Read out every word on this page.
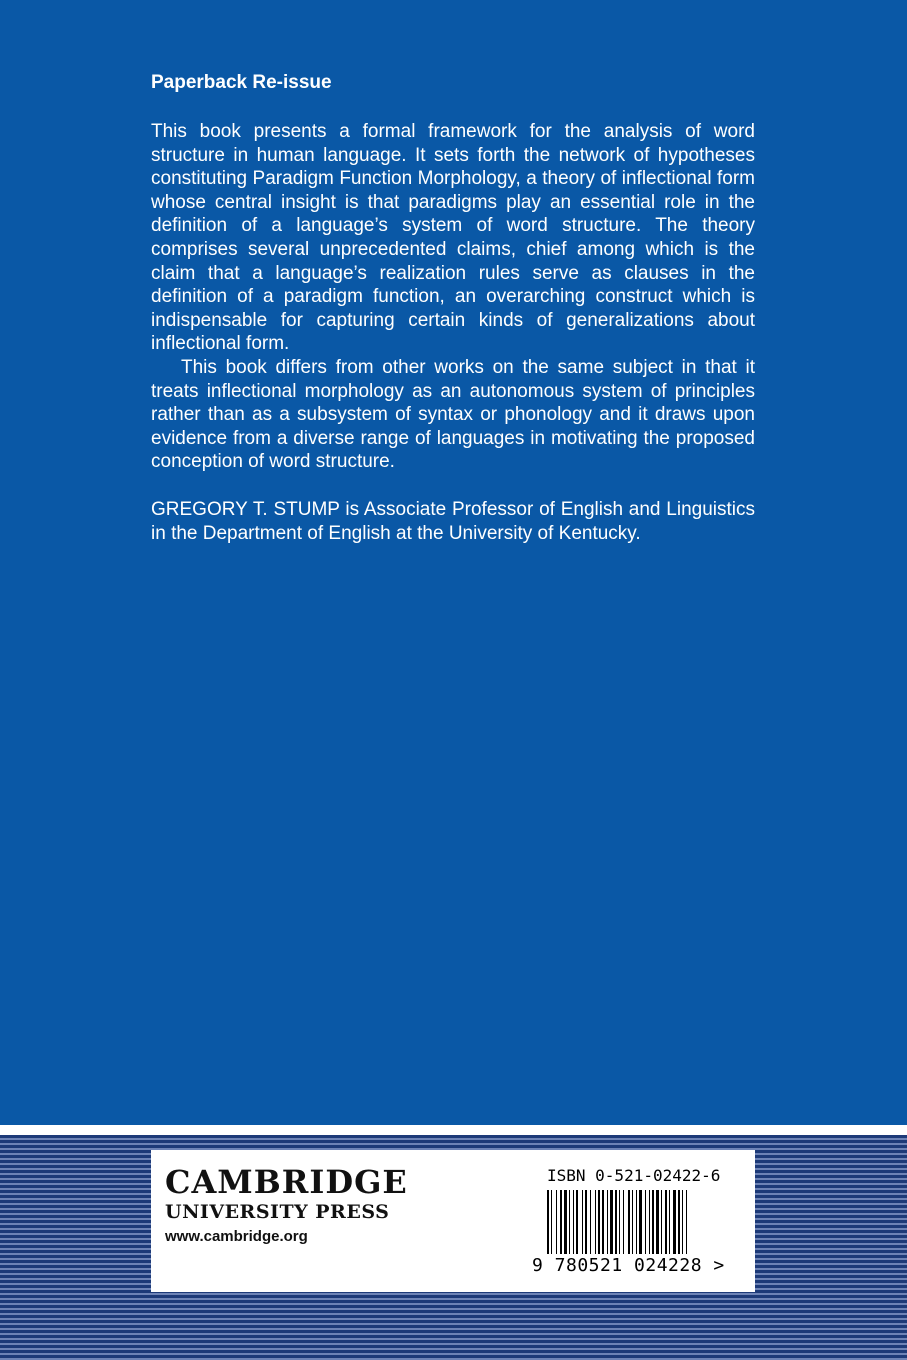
Paperback Re-issue

This book presents a formal framework for the analysis of word structure in human language. It sets forth the network of hypotheses constituting Paradigm Function Morphology, a theory of inflectional form whose central insight is that paradigms play an essential role in the definition of a language’s system of word structure. The theory comprises several unprecedented claims, chief among which is the claim that a language’s realization rules serve as clauses in the definition of a paradigm function, an overarching construct which is indispensable for capturing certain kinds of generalizations about inflectional form.

This book differs from other works on the same subject in that it treats inflectional morphology as an autonomous system of principles rather than as a subsystem of syntax or phonology and it draws upon evidence from a diverse range of languages in motivating the proposed conception of word structure.

GREGORY T. STUMP is Associate Professor of English and Linguistics in the Department of English at the University of Kentucky.

CAMBRIDGE
UNIVERSITY PRESS
www.cambridge.org
ISBN 0-521-02422-6
9 780521 024228 >
